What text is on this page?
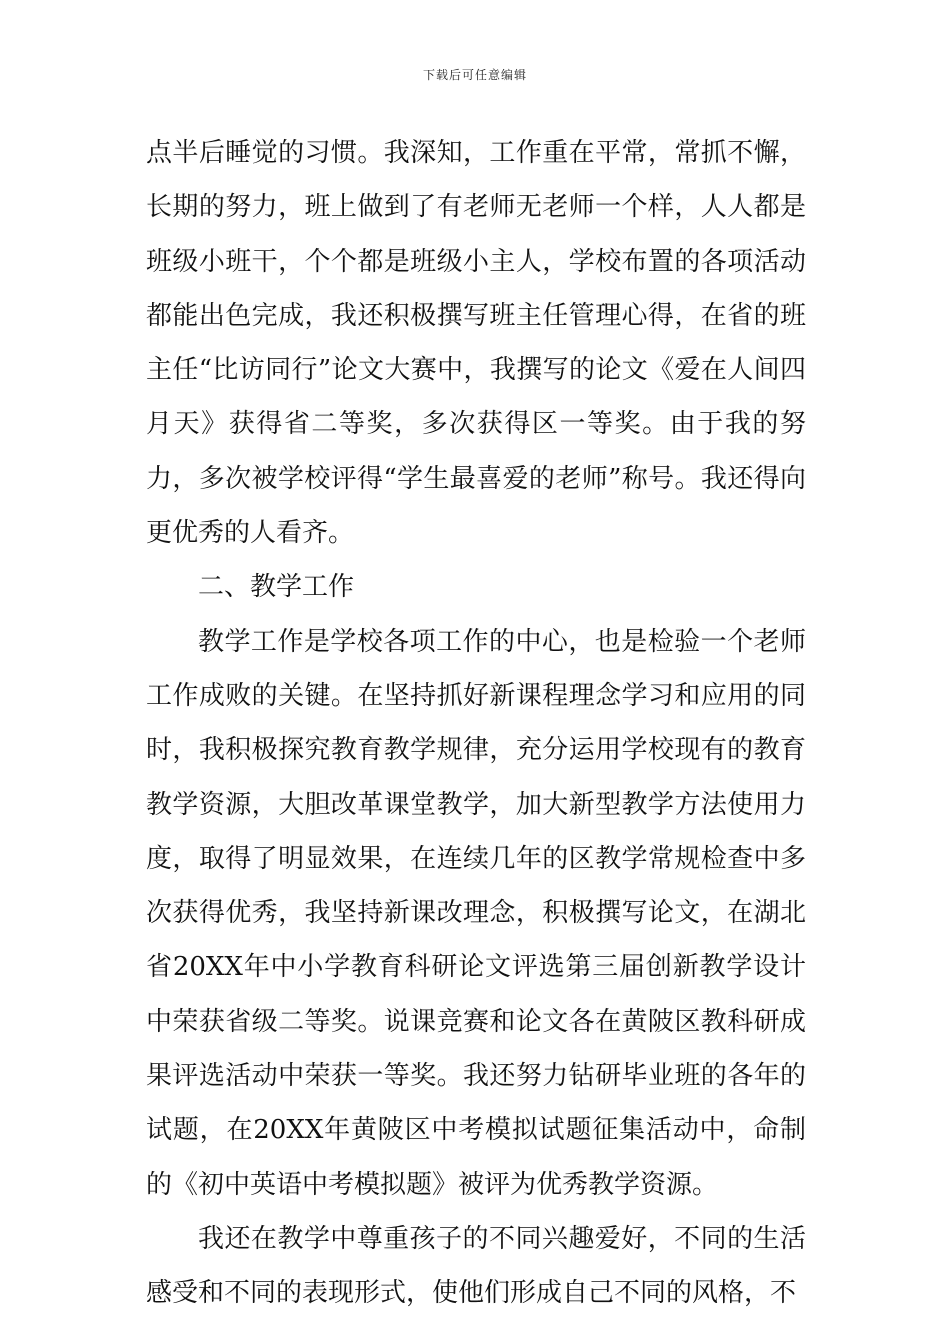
下载后可任意编辑

点半后睡觉的习惯。我深知，工作重在平常，常抓不懈，长期的努力，班上做到了有老师无老师一个样，人人都是班级小班干，个个都是班级小主人，学校布置的各项活动都能出色完成，我还积极撰写班主任管理心得，在省的班主任“比访同行”论文大赛中，我撰写的论文《爱在人间四月天》获得省二等奖，多次获得区一等奖。由于我的努力，多次被学校评得“学生最喜爱的老师”称号。我还得向更优秀的人看齐。

二、教学工作

教学工作是学校各项工作的中心，也是检验一个老师工作成败的关键。在坚持抓好新课程理念学习和应用的同时，我积极探究教育教学规律，充分运用学校现有的教育教学资源，大胆改革课堂教学，加大新型教学方法使用力度，取得了明显效果，在连续几年的区教学常规检查中多次获得优秀，我坚持新课改理念，积极撰写论文，在湖北省20XX年中小学教育科研论文评选第三届创新教学设计中荣获省级二等奖。说课竞赛和论文各在黄陂区教科研成果评选活动中荣获一等奖。我还努力钻研毕业班的各年的试题，在20XX年黄陂区中考模拟试题征集活动中，命制的《初中英语中考模拟题》被评为优秀教学资源。

我还在教学中尊重孩子的不同兴趣爱好，不同的生活感受和不同的表现形式，使他们形成自己不同的风格，不
